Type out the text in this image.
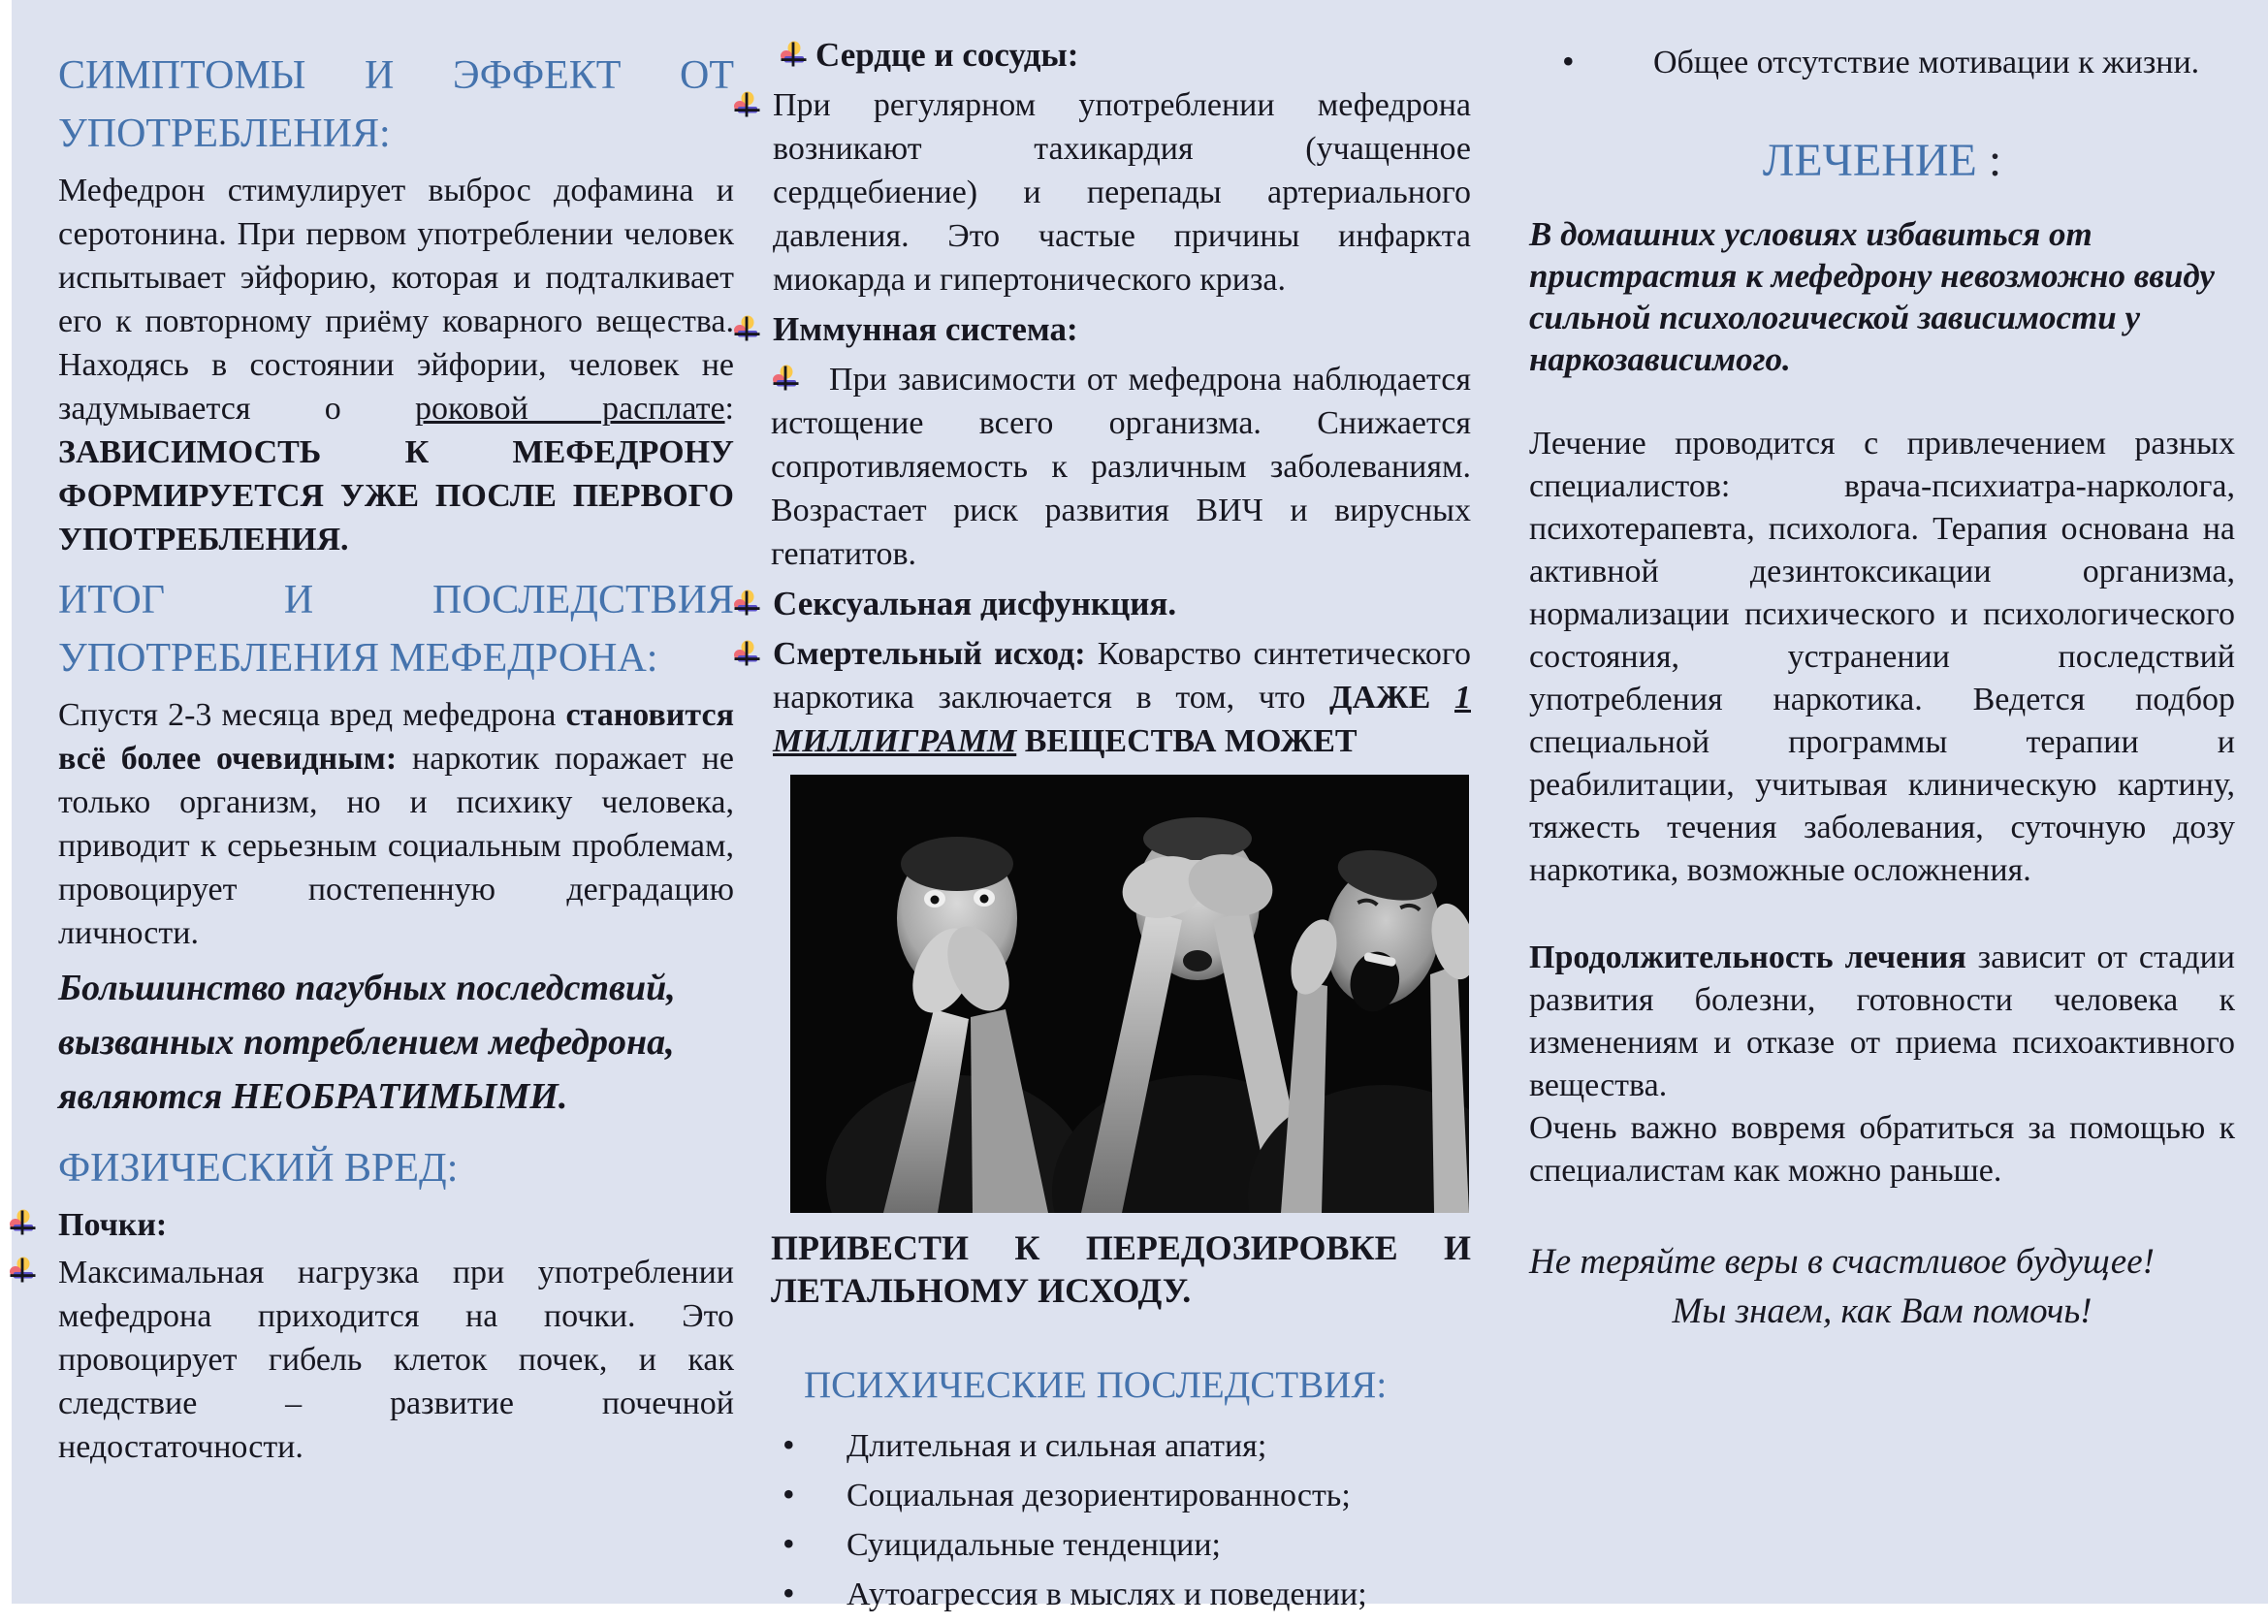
СИМПТОМЫ И ЭФФЕКТ ОТ УПОТРЕБЛЕНИЯ:

Мефедрон стимулирует выброс дофамина и серотонина. При первом употреблении человек испытывает эйфорию, которая и подталкивает его к повторному приёму коварного вещества. Находясь в состоянии эйфории, человек не задумывается о роковой расплате: ЗАВИСИМОСТЬ К МЕФЕДРОНУ ФОРМИРУЕТСЯ УЖЕ ПОСЛЕ ПЕРВОГО УПОТРЕБЛЕНИЯ.

ИТОГ И ПОСЛЕДСТВИЯ УПОТРЕБЛЕНИЯ МЕФЕДРОНА:

Спустя 2-3 месяца вред мефедрона становится всё более очевидным: наркотик поражает не только организм, но и психику человека, приводит к серьезным социальным проблемам, провоцирует постепенную деградацию личности.

Большинство пагубных последствий, вызванных потреблением мефедрона, являются НЕОБРАТИМЫМИ.

ФИЗИЧЕСКИЙ ВРЕД:

Почки:

Максимальная нагрузка при употреблении мефедрона приходится на почки. Это провоцирует гибель клеток почек, и как следствие – развитие почечной недостаточности.

Сердце и сосуды:

При регулярном употреблении мефедрона возникают тахикардия (учащенное сердцебиение) и перепады артериального давления. Это частые причины инфаркта миокарда и гипертонического криза.

Иммунная система:

При зависимости от мефедрона наблюдается истощение всего организма. Снижается сопротивляемость к различным заболеваниям. Возрастает риск развития ВИЧ и вирусных гепатитов.

Сексуальная дисфункция.

Смертельный исход: Коварство синтетического наркотика заключается в том, что ДАЖЕ 1 МИЛЛИГРАММ ВЕЩЕСТВА МОЖЕТ

ПРИВЕСТИ К ПЕРЕДОЗИРОВКЕ И ЛЕТАЛЬНОМУ ИСХОДУ.

ПСИХИЧЕСКИЕ ПОСЛЕДСТВИЯ:
• Длительная и сильная апатия;
• Социальная дезориентированность;
• Суицидальные тенденции;
• Аутоагрессия в мыслях и поведении;
• Общее отсутствие мотивации к жизни.
ЛЕЧЕНИЕ :

В домашних условиях избавиться от пристрастия к мефедрону невозможно ввиду сильной психологической зависимости у наркозависимого.

Лечение проводится с привлечением разных специалистов: врача-психиатра-нарколога, психотерапевта, психолога. Терапия основана на активной дезинтоксикации организма, нормализации психического и психологического состояния, устранении последствий употребления наркотика. Ведется подбор специальной программы терапии и реабилитации, учитывая клиническую картину, тяжесть течения заболевания, суточную дозу наркотика, возможные осложнения.

Продолжительность лечения зависит от стадии развития болезни, готовности человека к изменениям и отказе от приема психоактивного вещества.

Очень важно вовремя обратиться за помощью к специалистам как можно раньше.

Не теряйте веры в счастливое будущее!

Мы знаем, как Вам помочь!
